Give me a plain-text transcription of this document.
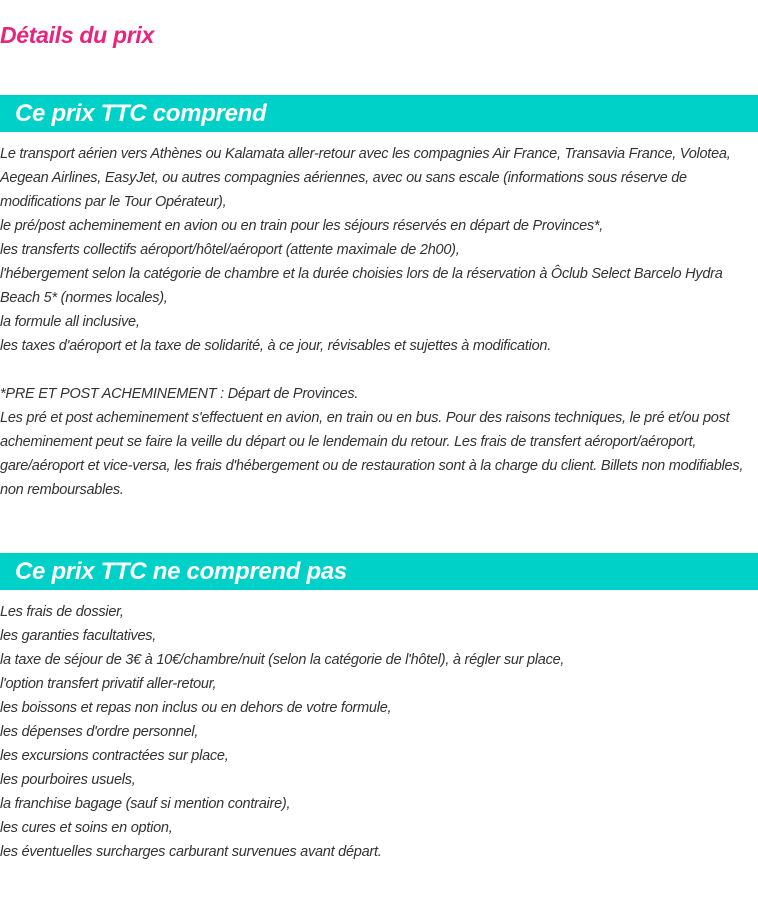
Détails du prix
Ce prix TTC comprend
Le transport aérien vers Athènes ou Kalamata aller-retour avec les compagnies Air France, Transavia France, Volotea, Aegean Airlines, EasyJet, ou autres compagnies aériennes, avec ou sans escale (informations sous réserve de modifications par le Tour Opérateur),
le pré/post acheminement en avion ou en train pour les séjours réservés en départ de Provinces*,
les transferts collectifs aéroport/hôtel/aéroport (attente maximale de 2h00),
l'hébergement selon la catégorie de chambre et la durée choisies lors de la réservation à Ôclub Select Barcelo Hydra Beach 5* (normes locales),
la formule all inclusive,
les taxes d'aéroport et la taxe de solidarité, à ce jour, révisables et sujettes à modification.
*PRE ET POST ACHEMINEMENT : Départ de Provinces.
Les pré et post acheminement s'effectuent en avion, en train ou en bus. Pour des raisons techniques, le pré et/ou post acheminement peut se faire la veille du départ ou le lendemain du retour. Les frais de transfert aéroport/aéroport, gare/aéroport et vice-versa, les frais d'hébergement ou de restauration sont à la charge du client. Billets non modifiables, non remboursables.
Ce prix TTC ne comprend pas
Les frais de dossier,
les garanties facultatives,
la taxe de séjour de 3€ à 10€/chambre/nuit (selon la catégorie de l'hôtel), à régler sur place,
l'option transfert privatif aller-retour,
les boissons et repas non inclus ou en dehors de votre formule,
les dépenses d'ordre personnel,
les excursions contractées sur place,
les pourboires usuels,
la franchise bagage (sauf si mention contraire),
les cures et soins en option,
les éventuelles surcharges carburant survenues avant départ.
